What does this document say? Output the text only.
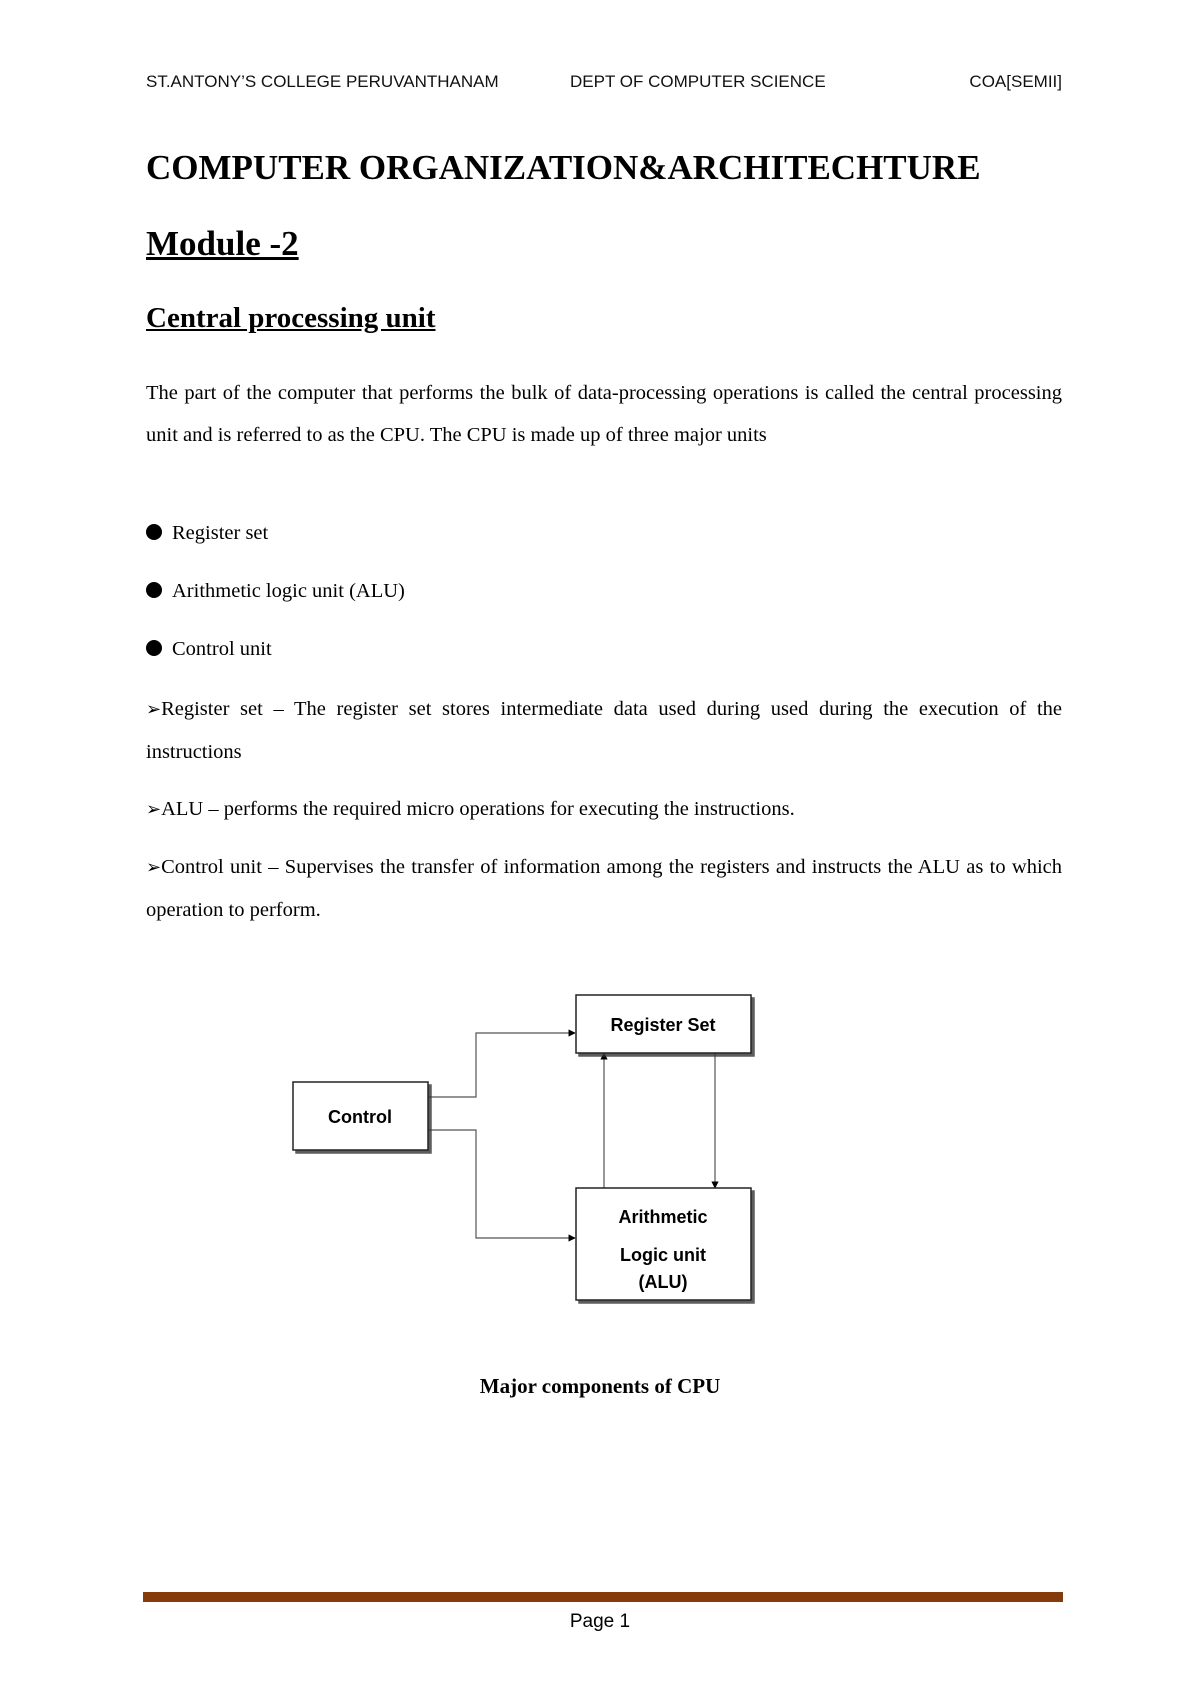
ST.ANTONY’S COLLEGE PERUVANTHANAM	DEPT OF COMPUTER SCIENCE	COA[SEMII]
COMPUTER ORGANIZATION&ARCHITECHTURE
Module -2
Central processing unit
The part of the computer that performs the bulk of data-processing operations is called the central processing unit and is referred to as the CPU. The CPU is made up of three major units
Register set
Arithmetic logic unit (ALU)
Control unit
➢Register set – The register set stores intermediate data used during used during the execution of the instructions
➢ALU – performs the required micro operations for executing the instructions.
➢Control unit – Supervises the transfer of information among the registers and instructs the ALU as to which operation to perform.
Control
Register Set
Arithmetic
Logic unit
(ALU)
Major components of CPU
Page 1
